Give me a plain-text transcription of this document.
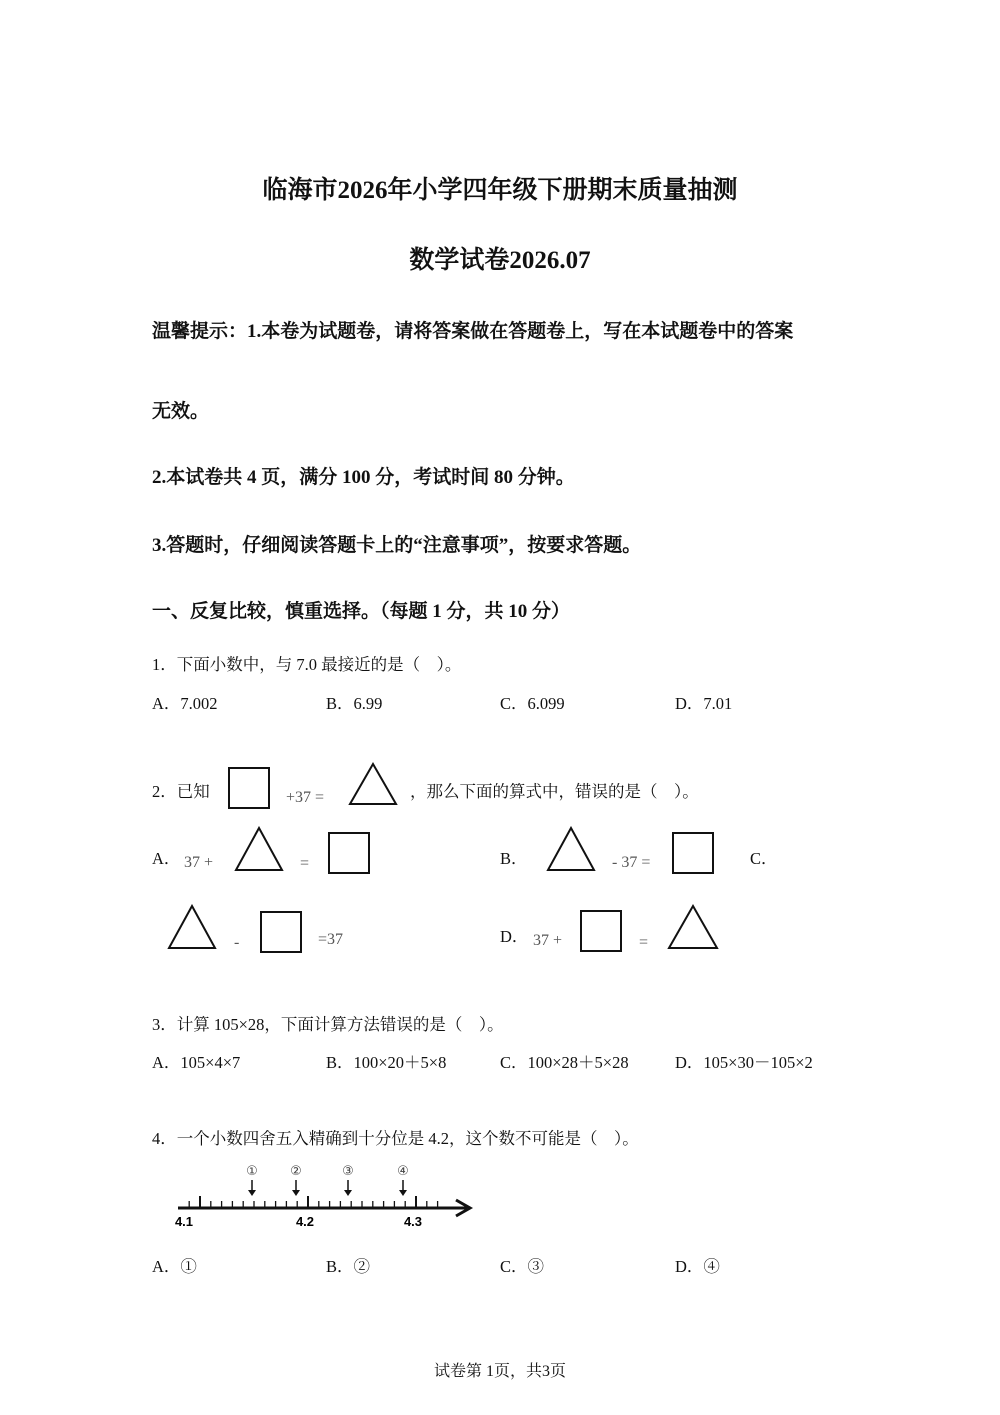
临海市2026年小学四年级下册期末质量抽测
数学试卷2026.07
温馨提示：1.本卷为试题卷，请将答案做在答题卷上，写在本试题卷中的答案
无效。
2.本试卷共 4 页，满分 100 分，考试时间 80 分钟。
3.答题时，仔细阅读答题卡上的“注意事项”，按要求答题。
一、反复比较，慎重选择。（每题 1 分，共 10 分）
1．下面小数中，与 7.0 最接近的是（　）。
A．7.002	B．6.99	C．6.099	D．7.01
2．已知	+37 =	，那么下面的算式中，错误的是（　）。
A． 37 +	=	B．	- 37 =	C．
-	=37	D． 37 +	=
3．计算 105×28，下面计算方法错误的是（　）。
A．105×4×7	B．100×20＋5×8	C．100×28＋5×28	D．105×30－105×2
4．一个小数四舍五入精确到十分位是 4.2，这个数不可能是（　）。
4.1	4.2	4.3
① ②	③	④
A．①	B．②	C．③	D．④
试卷第 1页，共3页
